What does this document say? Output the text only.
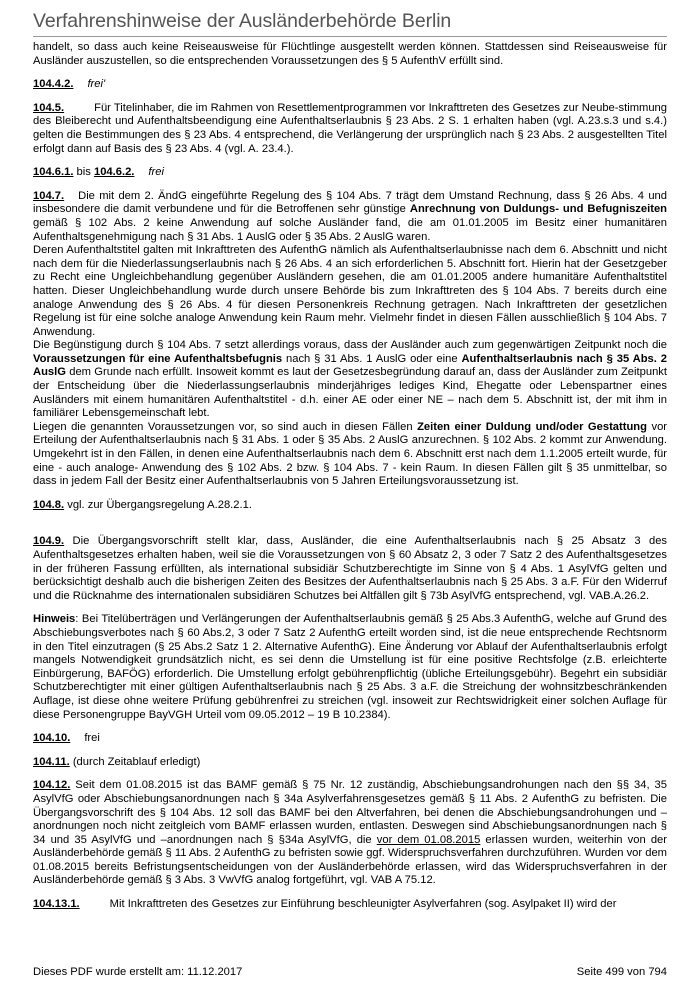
Verfahrenshinweise der Ausländerbehörde Berlin

handelt, so dass auch keine Reiseausweise für Flüchtlinge ausgestellt werden können. Stattdessen sind Reiseausweise für Ausländer auszustellen, so die entsprechenden Voraussetzungen des § 5 AufenthV erfüllt sind.

104.4.2. frei'

104.5.	Für Titelinhaber, die im Rahmen von Resettlementprogrammen vor Inkrafttreten des Gesetzes zur Neube-stimmung des Bleiberecht und Aufenthaltsbeendigung eine Aufenthaltserlaubnis § 23 Abs. 2 S. 1 erhalten haben (vgl. A.23.s.3 und s.4.) gelten die Bestimmungen des § 23 Abs. 4 entsprechend, die Verlängerung der ursprünglich nach § 23 Abs. 2 ausgestellten Titel erfolgt dann auf Basis des § 23 Abs. 4 (vgl. A. 23.4.).

104.6.1. bis 104.6.2. frei

104.7. Die mit dem 2. ÄndG eingeführte Regelung des § 104 Abs. 7 trägt dem Umstand Rechnung, dass § 26 Abs. 4 und insbesondere die damit verbundene und für die Betroffenen sehr günstige Anrechnung von Duldungs- und Befugniszeiten gemäß § 102 Abs. 2 keine Anwendung auf solche Ausländer fand, die am 01.01.2005 im Besitz einer humanitären Aufenthaltsgenehmigung nach § 31 Abs. 1 AuslG oder § 35 Abs. 2 AuslG waren.
Deren Aufenthaltstitel galten mit Inkrafttreten des AufenthG nämlich als Aufenthaltserlaubnisse nach dem 6. Abschnitt und nicht nach dem für die Niederlassungserlaubnis nach § 26 Abs. 4 an sich erforderlichen 5. Abschnitt fort. Hierin hat der Gesetzgeber zu Recht eine Ungleichbehandlung gegenüber Ausländern gesehen, die am 01.01.2005 andere humanitäre Aufenthaltstitel hatten. Dieser Ungleichbehandlung wurde durch unsere Behörde bis zum Inkrafttreten des § 104 Abs. 7 bereits durch eine analoge Anwendung des § 26 Abs. 4 für diesen Personenkreis Rechnung getragen. Nach Inkrafttreten der gesetzlichen Regelung ist für eine solche analoge Anwendung kein Raum mehr. Vielmehr findet in diesen Fällen ausschließlich § 104 Abs. 7 Anwendung.
Die Begünstigung durch § 104 Abs. 7 setzt allerdings voraus, dass der Ausländer auch zum gegenwärtigen Zeitpunkt noch die Voraussetzungen für eine Aufenthaltsbefugnis nach § 31 Abs. 1 AuslG oder eine Aufenthaltserlaubnis nach § 35 Abs. 2 AuslG dem Grunde nach erfüllt. Insoweit kommt es laut der Gesetzesbegründung darauf an, dass der Ausländer zum Zeitpunkt der Entscheidung über die Niederlassungserlaubnis minderjähriges ledig​es Kind, Ehegatte oder Lebenspartner eines Ausländers mit einem humanitären Aufenthaltstitel - d.h. einer AE oder einer NE – nach dem 5. Abschnitt ist, der mit ihm in familiärer Lebensgemeinschaft lebt.
Liegen die genannten Voraussetzungen vor, so sind auch in diesen Fällen Zeiten einer Duldung und/oder Gestattung vor Erteilung der Aufenthaltserlaubnis nach § 31 Abs. 1 oder § 35 Abs. 2 AuslG anzurechnen. § 102 Abs. 2 kommt zur Anwendung. Umgekehrt ist in den Fällen, in denen eine Aufenthaltserlaubnis nach dem 6. Abschnitt erst nach dem 1.1.2005 erteilt wurde, für eine - auch analoge- Anwendung des § 102 Abs. 2 bzw. § 104 Abs. 7 - kein Raum. In diesen Fällen gilt § 35 unmittelbar, so dass in jedem Fall der Besitz einer Aufenthaltserlaubnis von 5 Jahren Erteilungsvoraussetzung ist.

104.8. vgl. zur Übergangsregelung A.28.2.1.

104.9. Die Übergangsvorschrift stellt klar, dass, Ausländer, die eine Aufenthaltserlaubnis nach § 25 Absatz 3 des Aufenthaltsgesetzes erhalten haben, weil sie die Voraussetzungen von § 60 Absatz 2, 3 oder 7 Satz 2 des Aufenthaltsgesetzes in der früheren Fassung erfüllten, als international subsidiär Schutzberechtigte im Sinne von § 4 Abs. 1 AsylVfG gelten und berücksichtigt deshalb auch die bisherigen Zeiten des Besitzes der Aufenthaltserlaubnis nach § 25 Abs. 3 a.F. Für den Widerruf und die Rücknahme des internationalen subsidiären Schutzes bei Altfällen gilt § 73b AsylVfG entsprechend, vgl. VAB.A.26.2.

Hinweis: Bei Titelüberträgen und Verlängerungen der Aufenthaltserlaubnis gemäß § 25 Abs.3 AufenthG, welche auf Grund des Abschiebungsverbotes nach § 60 Abs.2, 3 oder 7 Satz 2 AufenthG erteilt worden sind, ist die neue entsprechende Rechtsnorm in den Titel einzutragen (§ 25 Abs.2 Satz 1 2. Alternative AufenthG). Eine Änderung vor Ablauf der Aufenthaltserlaubnis erfolgt mangels Notwendigkeit grundsätzlich nicht, es sei denn die Umstellung ist für eine positive Rechtsfolge (z.B. erleichterte Einbürgerung, BAFÖG) erforderlich. Die Umstellung erfolgt gebührenpflichtig (übliche Erteilungsgebühr). Begehrt ein subsidiär Schutzberechtigter mit einer gültigen Aufenthaltserlaubnis nach § 25 Abs. 3 a.F. die Streichung der wohnsitzbeschränkenden Auflage, ist diese ohne weitere Prüfung gebührenfrei zu streichen (vgl. insoweit zur Rechtswidrigkeit einer solchen Auflage für diese Personengruppe BayVGH Urteil vom 09.05.2012 – 19 B 10.2384).

104.10. frei

104.11. (durch Zeitablauf erledigt)

104.12. Seit dem 01.08.2015 ist das BAMF gemäß § 75 Nr. 12 zuständig, Abschiebungsandrohungen nach den §§ 34, 35 AsylVfG oder Abschiebungsanordnungen nach § 34a Asylverfahrensgesetzes gemäß § 11 Abs. 2 AufenthG zu befristen. Die Übergangsvorschrift des § 104 Abs. 12 soll das BAMF bei den Altverfahren, bei denen die Abschiebungsandrohungen und –anordnungen noch nicht zeitgleich vom BAMF erlassen wurden, entlasten. Deswegen sind Abschiebungsanordnungen nach § 34 und 35 AsylVfG und –anordnungen nach § §34a AsylVfG, die vor dem 01.08.2015 erlassen wurden, weiterhin von der Ausländerbehörde gemäß § 11 Abs. 2 AufenthG zu befristen sowie ggf. Widerspruchsverfahren durchzuführen. Wurden vor dem 01.08.2015 bereits Befristungsentscheidungen von der Ausländerbehörde erlassen, wird das Widerspruchsverfahren in der Ausländerbehörde gemäß § 3 Abs. 3 VwVfG analog fortgeführt, vgl. VAB A 75.12.

104.13.1.	Mit Inkrafttreten des Gesetzes zur Einführung beschleunigter Asylverfahren (sog. Asylpaket II) wird der

Dieses PDF wurde erstellt am: 11.12.2017	Seite 499 von 794
